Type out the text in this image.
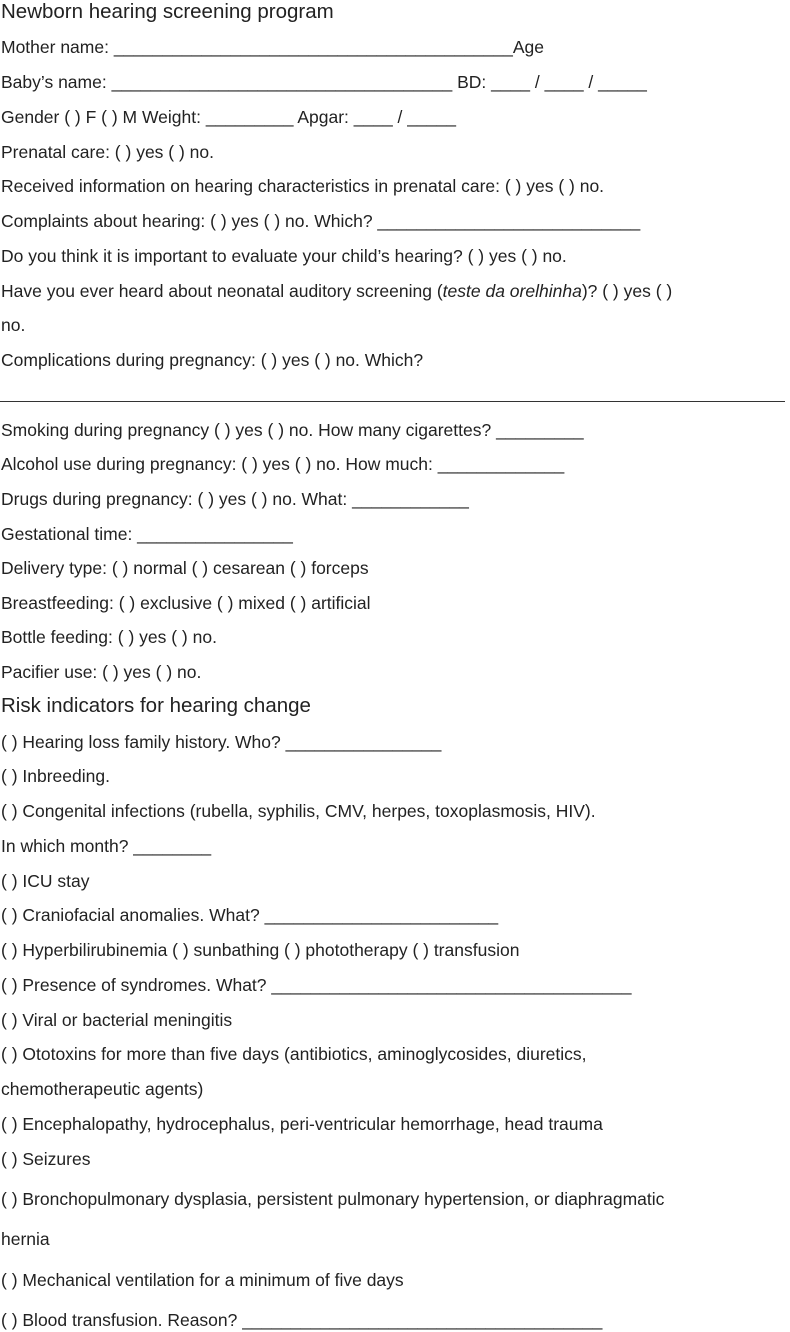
Newborn hearing screening program
Mother name: _________________________________________Age
Baby’s name: ___________________________________ BD: ____ / ____ / _____
Gender ( ) F ( ) M Weight: _________ Apgar: ____ / _____
Prenatal care: ( ) yes ( ) no.
Received information on hearing characteristics in prenatal care: ( ) yes ( ) no.
Complaints about hearing: ( ) yes ( ) no. Which? ___________________________
Do you think it is important to evaluate your child’s hearing? ( ) yes ( ) no.
Have you ever heard about neonatal auditory screening (teste da orelhinha)? ( ) yes ( )
no.
Complications during pregnancy: ( ) yes ( ) no. Which?
Smoking during pregnancy ( ) yes ( ) no. How many cigarettes? _________
Alcohol use during pregnancy: ( ) yes ( ) no. How much: _____________
Drugs during pregnancy: ( ) yes ( ) no. What: ____________
Gestational time: ________________
Delivery type: ( ) normal ( ) cesarean ( ) forceps
Breastfeeding: ( ) exclusive ( ) mixed ( ) artificial
Bottle feeding: ( ) yes ( ) no.
Pacifier use: ( ) yes ( ) no.
Risk indicators for hearing change
( ) Hearing loss family history. Who? ________________
( ) Inbreeding.
( ) Congenital infections (rubella, syphilis, CMV, herpes, toxoplasmosis, HIV).
In which month? ________
( ) ICU stay
( ) Craniofacial anomalies. What? ________________________
( ) Hyperbilirubinemia ( ) sunbathing ( ) phototherapy ( ) transfusion
( ) Presence of syndromes. What? _____________________________________
( ) Viral or bacterial meningitis
( ) Ototoxins for more than five days (antibiotics, aminoglycosides, diuretics,
chemotherapeutic agents)
( ) Encephalopathy, hydrocephalus, peri-ventricular hemorrhage, head trauma
( ) Seizures
( ) Bronchopulmonary dysplasia, persistent pulmonary hypertension, or diaphragmatic
hernia
( ) Mechanical ventilation for a minimum of five days
( ) Blood transfusion. Reason? _____________________________________
